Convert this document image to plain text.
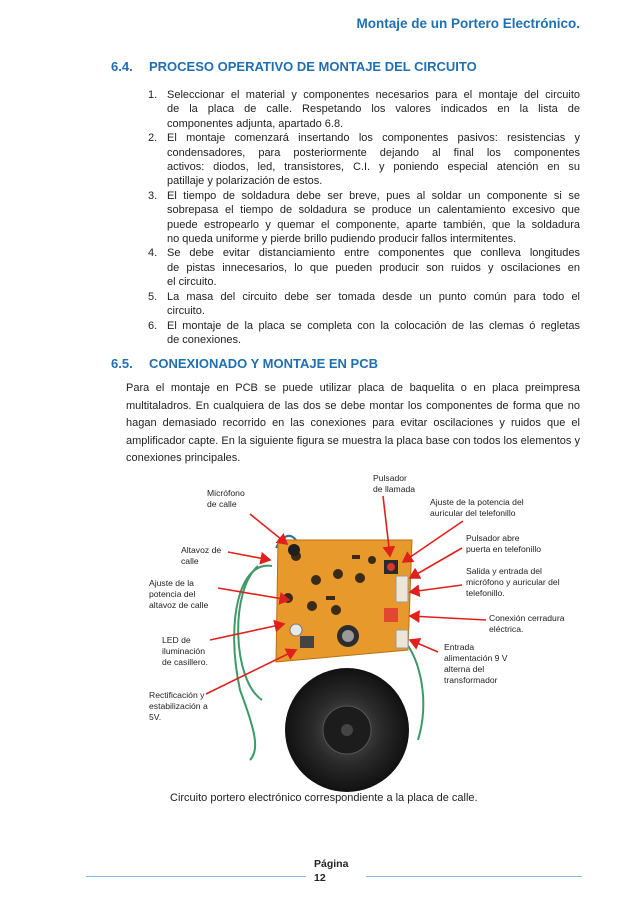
Montaje de un Portero Electrónico.
6.4. PROCESO OPERATIVO DE MONTAJE DEL CIRCUITO
1. Seleccionar el material y componentes necesarios para el montaje del circuito
de la placa de calle. Respetando los valores indicados en la lista de
componentes adjunta, apartado 6.8.
2. El montaje comenzará insertando los componentes pasivos: resistencias y
condensadores, para posteriormente dejando al final los componentes
activos: diodos, led, transistores, C.I. y poniendo especial atención en su
patillaje y polarización de estos.
3. El tiempo de soldadura debe ser breve, pues al soldar un componente si se
sobrepasa el tiempo de soldadura se produce un calentamiento excesivo que
puede estropearlo y quemar el componente, aparte también, que la soldadura
no queda uniforme y pierde brillo pudiendo producir fallos intermitentes.
4. Se debe evitar distanciamiento entre componentes que conlleva longitudes
de pistas innecesarios, lo que pueden producir son ruidos y oscilaciones en
el circuito.
5. La masa del circuito debe ser tomada desde un punto común para todo el
circuito.
6. El montaje de la placa se completa con la colocación de las clemas ó regletas
de conexiones.
6.5. CONEXIONADO Y MONTAJE EN PCB

Para el montaje en PCB se puede utilizar placa de baquelita o en placa preimpresa multitaladros. En cualquiera de las dos se debe montar los componentes de forma que no hagan demasiado recorrido en las conexiones para evitar oscilaciones y ruidos que el amplificador capte. En la siguiente figura se muestra la placa base con todos los elementos y conexiones principales.

Pulsador
de llamada
Micrófono
de calle	Ajuste de la potencia del
auricular del telefonillo
Pulsador abre
puerta en telefonillo
Altavoz de
calle
Salida y entrada del
micrófono y auricular del
telefonillo.
Ajuste de la
potencia del
altavoz de calle
Conexión cerradura
eléctrica.
LED de
iluminación
de casillero.
Entrada
alimentación 9 V
alterna del
transformador
Rectificación y
estabilización a
5V.
Circuito portero electrónico correspondiente a la placa de calle.
Página
12
